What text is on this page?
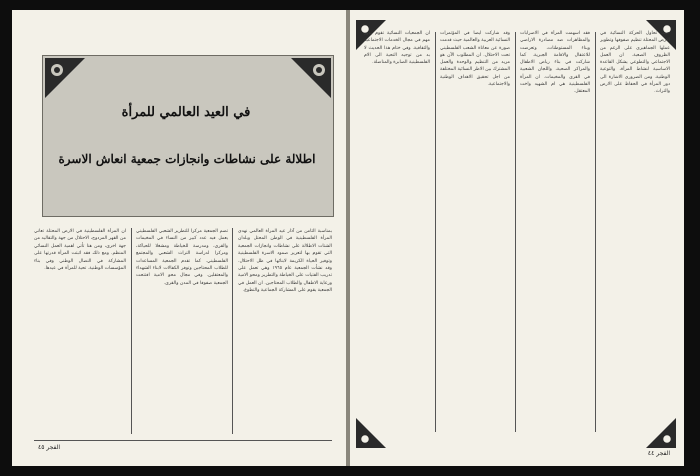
في العيد العالمي للمرأة
اطلالة على نشاطات وانجازات جمعية انعاش الاسرة

بمناسبة الثامن من آذار عيد المرأة العالمي نهدي المرأة الفلسطينية في الوطن المحتل وبلدان الشتات الاطلالة على نشاطات وانجازات الجمعية التي تقوم بها لتعزيز صمود الاسرة الفلسطينية وتوفير الحياة الكريمة لابنائها في ظل الاحتلال. وقد نشأت الجمعية عام ١٩٦٥ وهي تعمل على تدريب الفتيات على الخياطة والتطريز ومحو الامية ورعاية الاطفال والطلاب المحتاجين. ان العمل في الجمعية يقوم على المشاركة الجماعية والتطوع.

تضم الجمعية مركزا للتطريز الشعبي الفلسطيني يعمل فيه عدد كبير من النساء في المخيمات والقرى، ومدرسة للخياطة ومشغلا للحياكة، ومركزا لدراسة التراث الشعبي والمجتمع الفلسطيني. كما تقدم الجمعية المساعدات للطلاب المحتاجين وتوفر الكفالات لابناء الشهداء والمعتقلين. وفي مجال محو الامية افتتحت الجمعية صفوفا في المدن والقرى.

ان المرأة الفلسطينية في الارض المحتلة تعاني من القهر المزدوج، الاحتلال من جهة والتقاليد من جهة اخرى، ومن هنا تأتي اهمية العمل النسائي المنظم. ومع ذلك فقد اثبتت المرأة قدرتها على المشاركة في النضال الوطني وفي بناء المؤسسات الوطنية. تحية للمرأة في عيدها.

الفجر ٤٥

حيث تحاول الحركة النسائية في الارض المحتلة تنظيم صفوفها وتطوير عملها الجماهيري على الرغم من الظروف الصعبة. ان العمل الاجتماعي والتطوعي يشكل القاعدة الاساسية لنشاط المرأة، والتوعية الوطنية. ومن الضروري الاشارة الى دور المرأة في الحفاظ على الارض والتراث.

فقد اسهمت المرأة في الاضرابات والمظاهرات ضد مصادرة الاراضي وبناء المستوطنات، وتعرضت للاعتقال والاقامة الجبرية. كما شاركت في بناء رياض الاطفال والمراكز الصحية، واللجان الشعبية في القرى والمخيمات. ان المرأة الفلسطينية هي ام الشهيد واخت المعتقل.

وقد شاركت ايضا في المؤتمرات النسائية العربية والعالمية حيث قدمت صورة عن معاناة الشعب الفلسطيني تحت الاحتلال. ان المطلوب الآن هو مزيد من التنظيم والوحدة والعمل المشترك بين الاطر النسائية المختلفة من اجل تحقيق الاهداف الوطنية والاجتماعية.

ان الجمعيات النسائية تقوم بدور مهم في مجال الخدمات الاجتماعية والثقافية. وفي ختام هذا الحديث لا بد من توجيه التحية الى الام الفلسطينية الصابرة والمناضلة.

الفجر ٤٤
